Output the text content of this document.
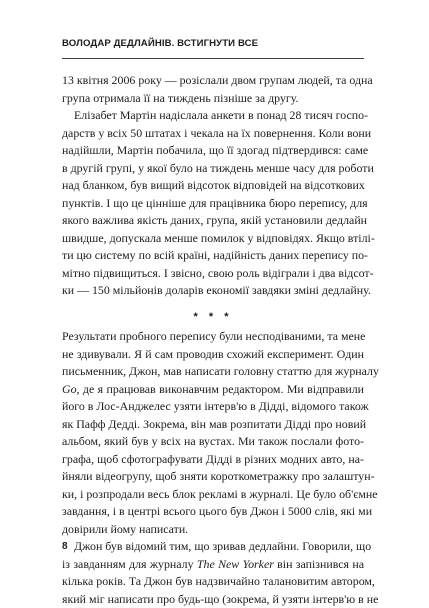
ВОЛОДАР ДЕДЛАЙНІВ. ВСТИГНУТИ ВСЕ

13 квітня 2006 року — розіслали двом групам людей, та одна
група отримала її на тиждень пізніше за другу.
Елізабет Мартін надіслала анкети в понад 28 тисяч госпо-
дарств у всіх 50 штатах і чекала на їх повернення. Коли вони
надійшли, Мартін побачила, що її здогад підтвердився: саме
в другій групі, у якої було на тиждень менше часу для роботи
над бланком, був вищий відсоток відповідей на відсоткових
пунктів. І що це цінніше для працівника бюро перепису, для
якого важлива якість даних, група, якій установили дедлайн
швидше, допускала менше помилок у відповідях. Якщо втілі-
ти цю систему по всій країні, надійність даних перепису по-
мітно підвищиться. І звісно, свою роль відіграли і два відсот-
ки — 150 мільйонів доларів економії завдяки зміні дедлайну.
* * *
Результати пробного перепису були несподіваними, та мене
не здивували. Я й сам проводив схожий експеримент. Один
письменник, Джон, мав написати головну статтю для журналу
Go, де я працював виконавчим редактором. Ми відправили
його в Лос-Анджелес узяти інтерв'ю в Дідді, відомого також
як Пафф Дедді. Зокрема, він мав розпитати Дідді про новий
альбом, який був у всіх на вустах. Ми також послали фото-
графа, щоб сфотографувати Дідді в різних модних авто, на-
йняли відеогрупу, щоб зняти короткометражку про залаштун-
ки, і розпродали весь блок рекламі в журналі. Це було об'ємне
завдання, і в центрі всього цього був Джон і 5000 слів, які ми
довірили йому написати.
Джон був відомий тим, що зривав дедлайни. Говорили, що
із завданням для журналу The New Yorker він запізнився на
кілька років. Та Джон був надзвичайно талановитим автором,
який міг написати про будь-що (зокрема, й узяти інтерв'ю в не

8
